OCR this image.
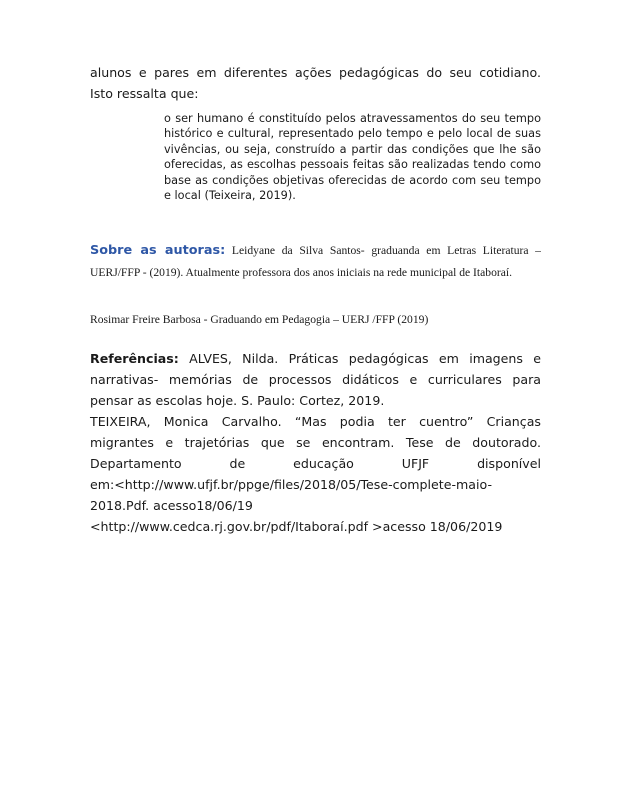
alunos e pares em diferentes ações pedagógicas do seu cotidiano.
Isto ressalta que:

o ser humano é constituído pelos atravessamentos do seu tempo histórico e cultural, representado pelo tempo e pelo local de suas vivências, ou seja, construído a partir das condições que lhe são oferecidas, as escolhas pessoais feitas são realizadas tendo como base as condições objetivas oferecidas de acordo com seu tempo e local (Teixeira, 2019).

Sobre as autoras: Leidyane da Silva Santos- graduanda em Letras Literatura – UERJ/FFP - (2019). Atualmente professora dos anos iniciais na rede municipal de Itaboraí.

Rosimar Freire Barbosa - Graduando em Pedagogia – UERJ /FFP (2019)

Referências: ALVES, Nilda. Práticas pedagógicas em imagens e narrativas- memórias de processos didáticos e curriculares para pensar as escolas hoje. S. Paulo: Cortez, 2019.

TEIXEIRA, Monica Carvalho. “Mas podia ter cuentro” Crianças migrantes e trajetórias que se encontram. Tese de doutorado. Departamento de educação UFJF disponível

em:<http://www.ufjf.br/ppge/files/2018/05/Tese-complete-maio-
2018.Pdf. acesso18/06/19
<http://www.cedca.rj.gov.br/pdf/Itaboraí.pdf >acesso 18/06/2019
